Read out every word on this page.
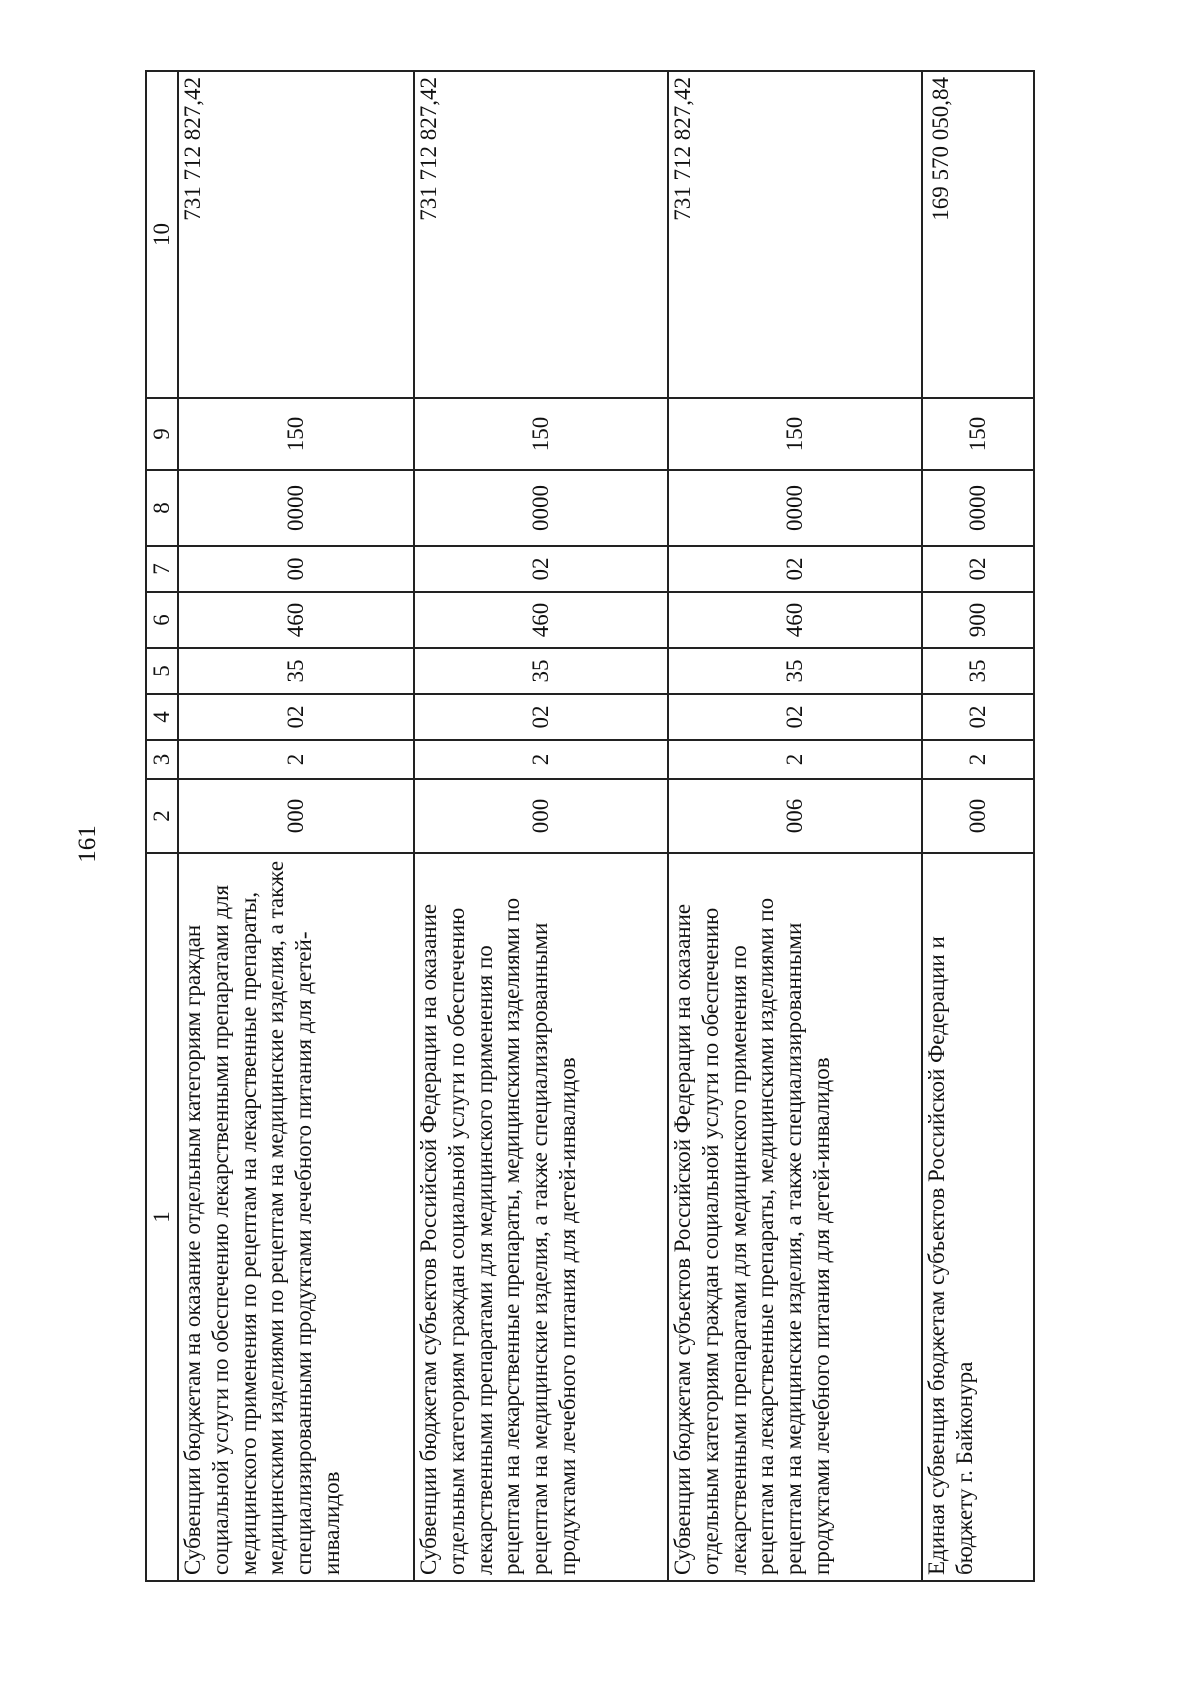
161
1	2	3	4	5	6	7	8	9	10
Субвенции бюджетам на оказание отдельным категориям граждан социальной услуги по обеспечению лекарственными препаратами для медицинского применения по рецептам на лекарственные препараты, медицинскими изделиями по рецептам на медицинские изделия, а также специализированными продуктами лечебного питания для детей-инвалидов	000	2	02	35	460	00	0000	150	731 712 827,42
Субвенции бюджетам субъектов Российской Федерации на оказание отдельным категориям граждан социальной услуги по обеспечению лекарственными препаратами для медицинского применения по рецептам на лекарственные препараты, медицинскими изделиями по рецептам на медицинские изделия, а также специализированными продуктами лечебного питания для детей-инвалидов	000	2	02	35	460	02	0000	150	731 712 827,42
Субвенции бюджетам субъектов Российской Федерации на оказание отдельным категориям граждан социальной услуги по обеспечению лекарственными препаратами для медицинского применения по рецептам на лекарственные препараты, медицинскими изделиями по рецептам на медицинские изделия, а также специализированными продуктами лечебного питания для детей-инвалидов	006	2	02	35	460	02	0000	150	731 712 827,42
Единая субвенция бюджетам субъектов Российской Федерации и бюджету г. Байконура	000	2	02	35	900	02	0000	150	169 570 050,84
